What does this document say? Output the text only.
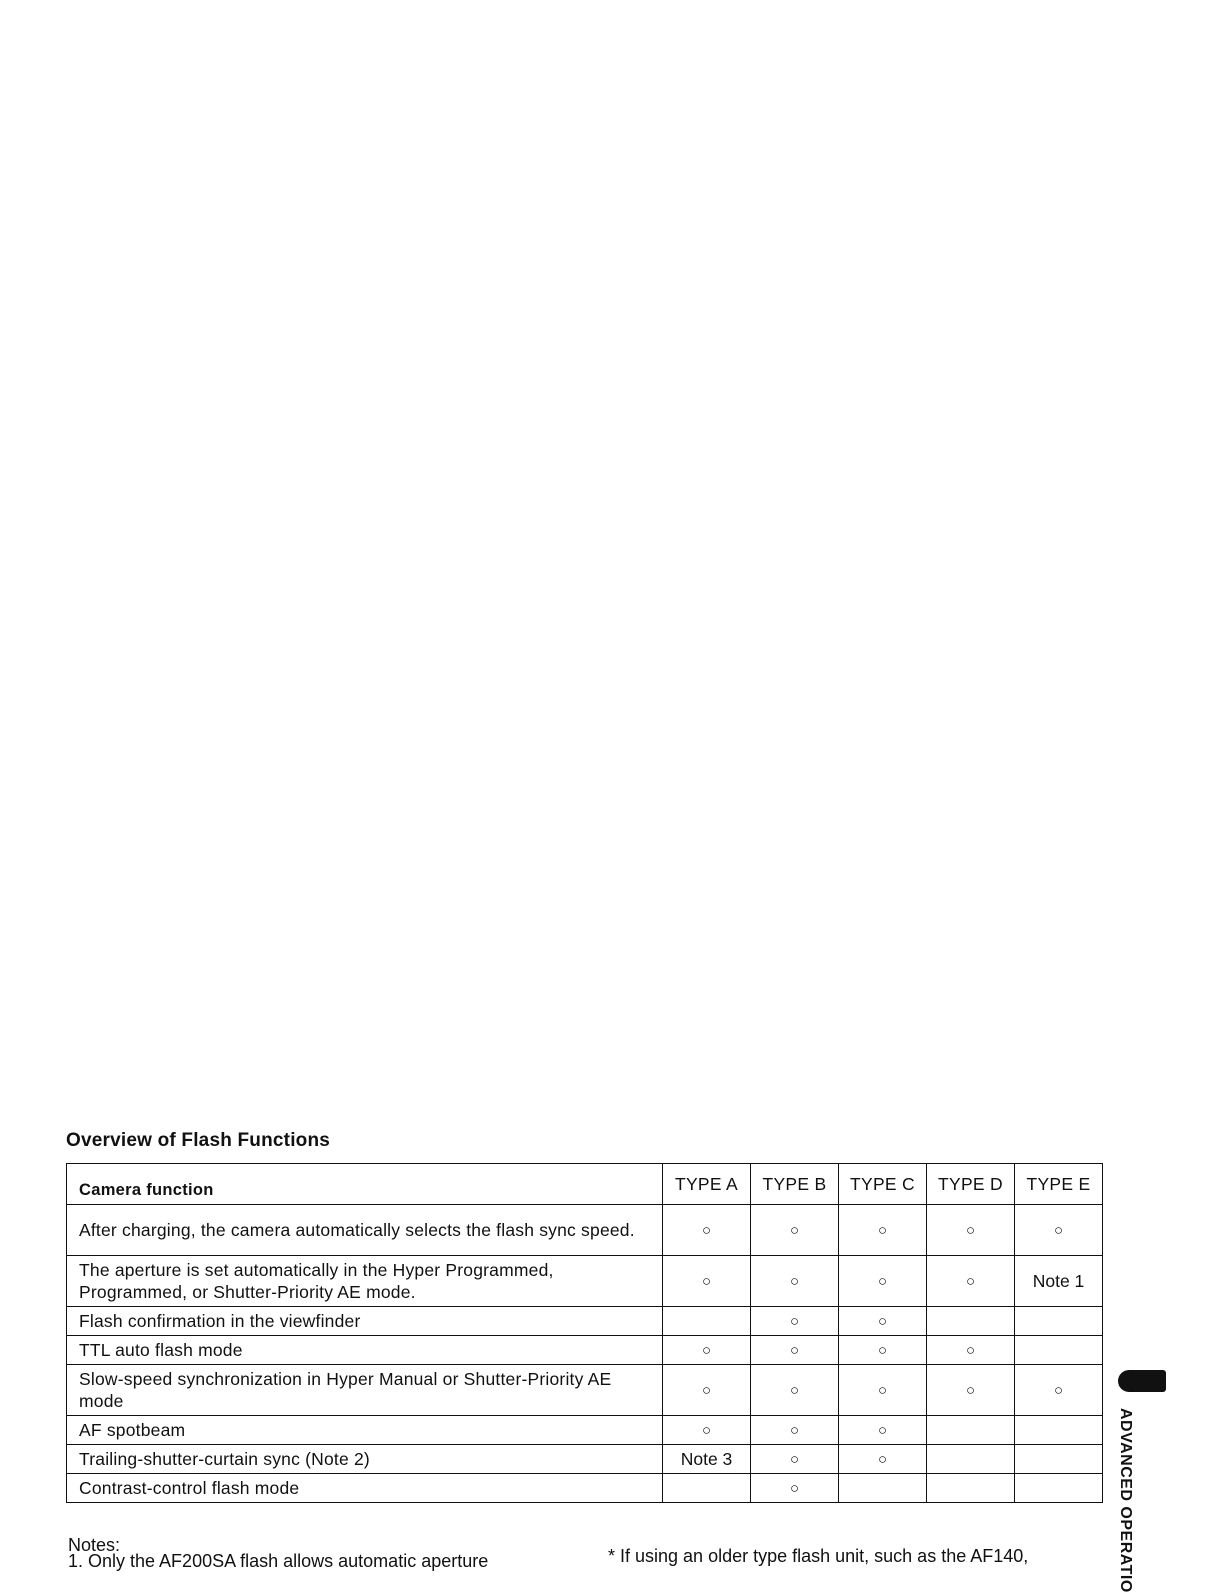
Overview of Flash Functions
Camera function	TYPE A	TYPE B	TYPE C	TYPE D	TYPE E
After charging, the camera automatically selects the flash sync speed.	○	○	○	○	○
The aperture is set automatically in the Hyper Programmed, Programmed, or Shutter-Priority AE mode.	○	○	○	○	Note 1
Flash confirmation in the viewfinder		○	○		
TTL auto flash mode	○	○	○	○	
Slow-speed synchronization in Hyper Manual or Shutter-Priority AE mode	○	○	○	○	○
AF spotbeam	○	○	○		
Trailing-shutter-curtain sync (Note 2)	Note 3	○	○		
Contrast-control flash mode		○			

Notes:

1. Only the AF200SA flash allows automatic aperture	* If using an older type flash unit, such as the AF140,	ADVANCED OPERATIO
